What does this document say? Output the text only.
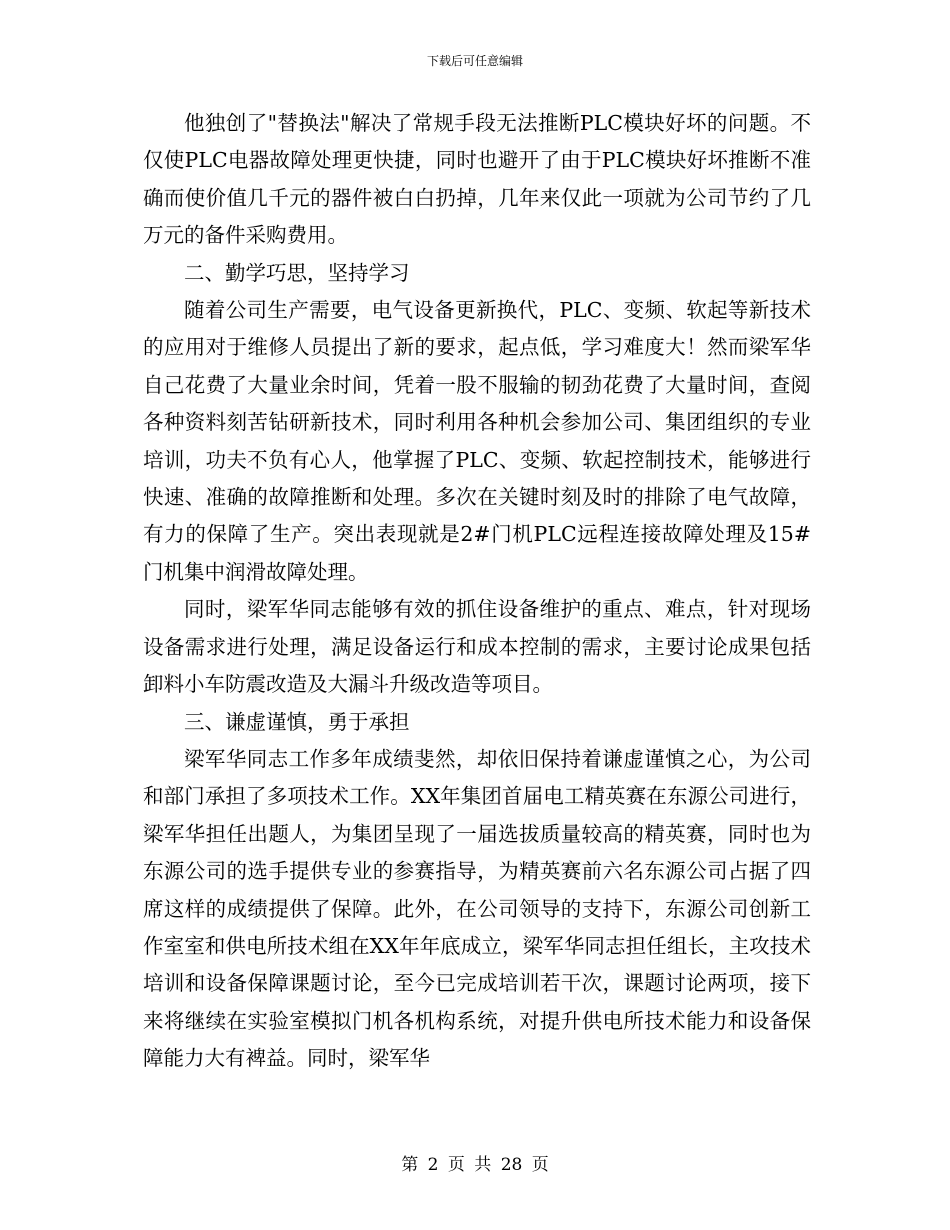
下载后可任意编辑

他独创了"替换法"解决了常规手段无法推断PLC模块好坏的问题。不仅使PLC电器故障处理更快捷，同时也避开了由于PLC模块好坏推断不准确而使价值几千元的器件被白白扔掉，几年来仅此一项就为公司节约了几万元的备件采购费用。

二、勤学巧思，坚持学习

随着公司生产需要，电气设备更新换代，PLC、变频、软起等新技术的应用对于维修人员提出了新的要求，起点低，学习难度大！然而梁军华自己花费了大量业余时间，凭着一股不服输的韧劲花费了大量时间，查阅各种资料刻苦钻研新技术，同时利用各种机会参加公司、集团组织的专业培训，功夫不负有心人，他掌握了PLC、变频、软起控制技术，能够进行快速、准确的故障推断和处理。多次在关键时刻及时的排除了电气故障，有力的保障了生产。突出表现就是2#门机PLC远程连接故障处理及15#门机集中润滑故障处理。

同时，梁军华同志能够有效的抓住设备维护的重点、难点，针对现场设备需求进行处理，满足设备运行和成本控制的需求，主要讨论成果包括卸料小车防震改造及大漏斗升级改造等项目。

三、谦虚谨慎，勇于承担

梁军华同志工作多年成绩斐然，却依旧保持着谦虚谨慎之心，为公司和部门承担了多项技术工作。XX年集团首届电工精英赛在东源公司进行，梁军华担任出题人，为集团呈现了一届选拔质量较高的精英赛，同时也为东源公司的选手提供专业的参赛指导，为精英赛前六名东源公司占据了四席这样的成绩提供了保障。此外，在公司领导的支持下，东源公司创新工作室室和供电所技术组在XX年年底成立，梁军华同志担任组长，主攻技术培训和设备保障课题讨论，至今已完成培训若干次，课题讨论两项，接下来将继续在实验室模拟门机各机构系统，对提升供电所技术能力和设备保障能力大有裨益。同时，梁军华

第 2 页 共 28 页
